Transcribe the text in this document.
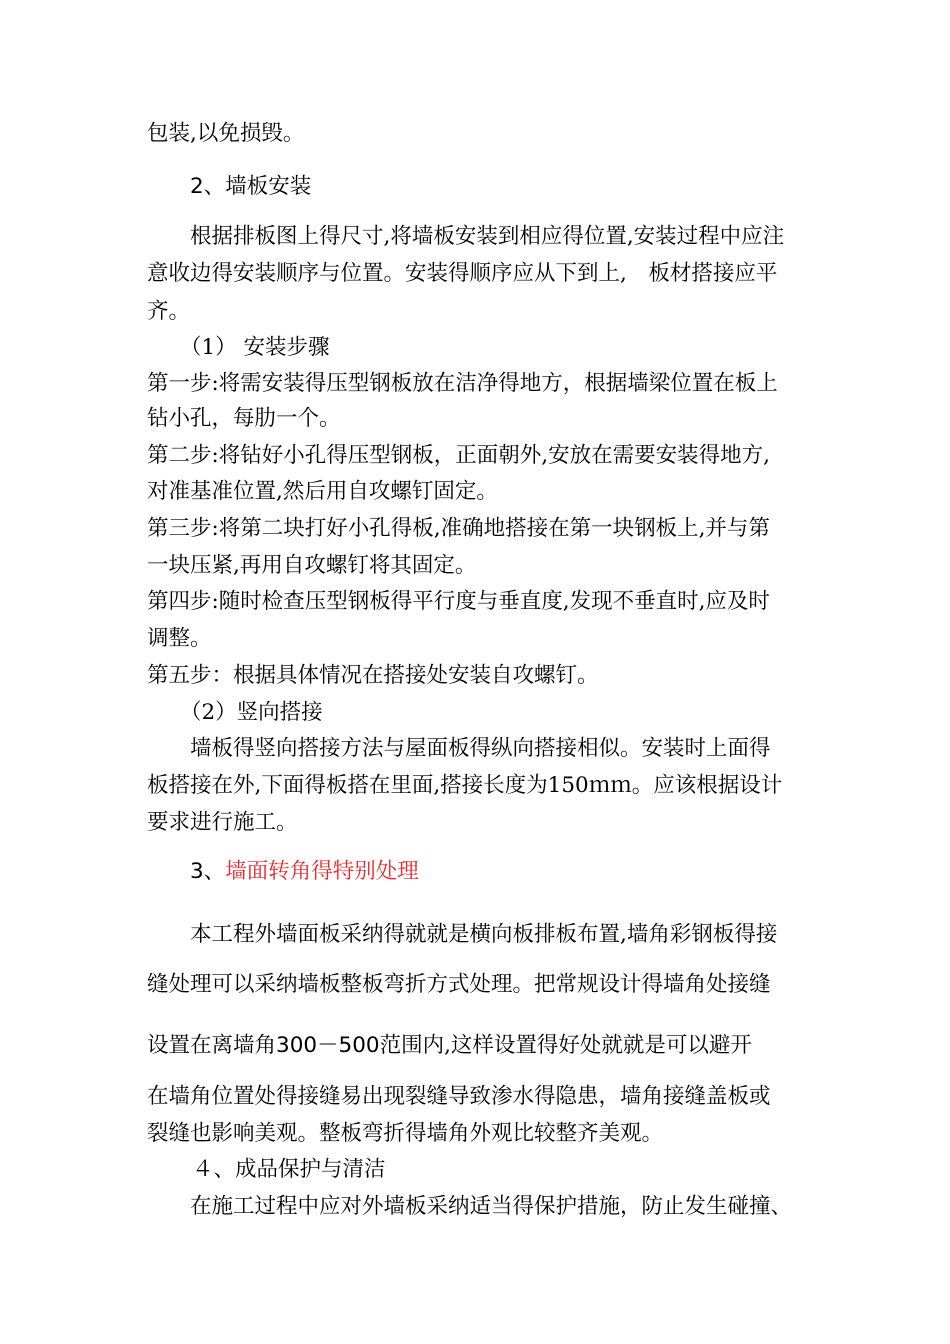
包装,以免损毁。
2、墙板安装
根据排板图上得尺寸,将墙板安装到相应得位置,安装过程中应注
意收边得安装顺序与位置。安装得顺序应从下到上,　板材搭接应平
齐。
（1） 安装步骤
第一步:将需安装得压型钢板放在洁净得地方，根据墙梁位置在板上
钻小孔，每肋一个。
第二步:将钻好小孔得压型钢板，正面朝外,安放在需要安装得地方,
对准基准位置,然后用自攻螺钉固定。
第三步:将第二块打好小孔得板,准确地搭接在第一块钢板上,并与第
一块压紧,再用自攻螺钉将其固定。
第四步:随时检查压型钢板得平行度与垂直度,发现不垂直时,应及时
调整。
第五步：根据具体情况在搭接处安装自攻螺钉。
（2）竖向搭接
墙板得竖向搭接方法与屋面板得纵向搭接相似。安装时上面得
板搭接在外,下面得板搭在里面,搭接长度为150ｍｍ。应该根据设计
要求进行施工。
3、墙面转角得特别处理
本工程外墙面板采纳得就就是横向板排板布置,墙角彩钢板得接
缝处理可以采纳墙板整板弯折方式处理。把常规设计得墙角处接缝
设置在离墙角300－500范围内,这样设置得好处就就是可以避开
在墙角位置处得接缝易出现裂缝导致渗水得隐患，墙角接缝盖板或
裂缝也影响美观。整板弯折得墙角外观比较整齐美观。
４、成品保护与清洁
在施工过程中应对外墙板采纳适当得保护措施，防止发生碰撞、
